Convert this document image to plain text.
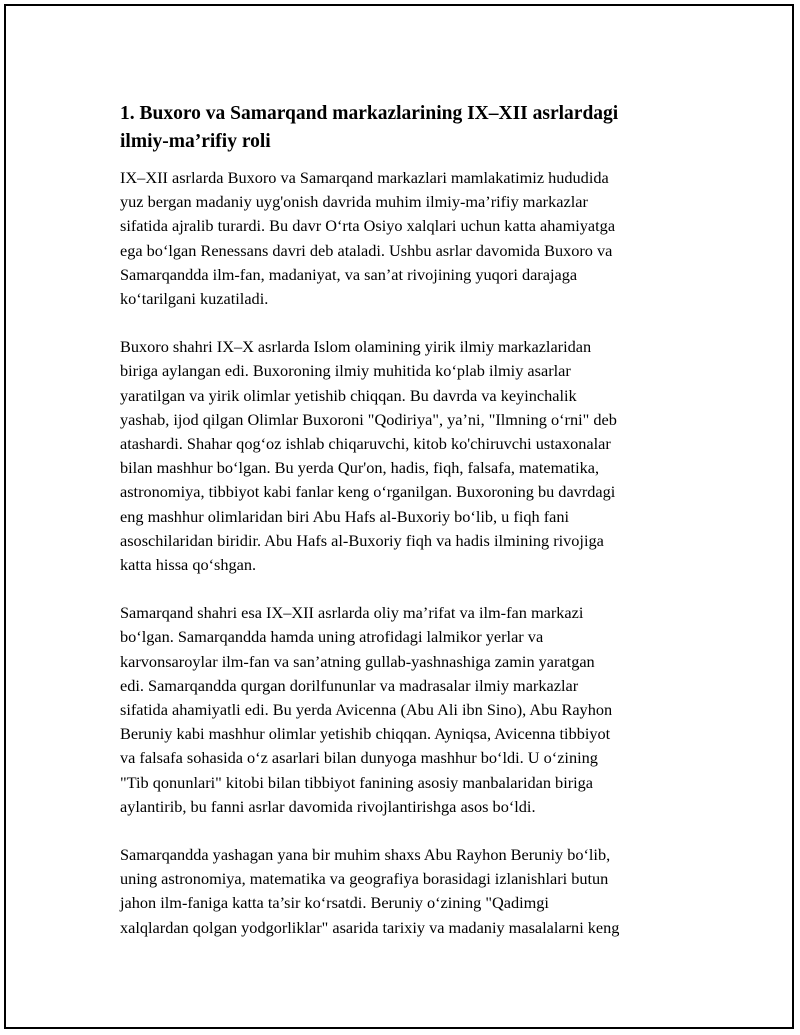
1. Buxoro va Samarqand markazlarining IX–XII asrlardagi
ilmiy-ma’rifiy roli

IX–XII asrlarda Buxoro va Samarqand markazlari mamlakatimiz hududida
yuz bergan madaniy uyg'onish davrida muhim ilmiy-ma’rifiy markazlar
sifatida ajralib turardi. Bu davr O‘rta Osiyo xalqlari uchun katta ahamiyatga
ega bo‘lgan Renessans davri deb ataladi. Ushbu asrlar davomida Buxoro va
Samarqandda ilm-fan, madaniyat, va san’at rivojining yuqori darajaga
ko‘tarilgani kuzatiladi.

Buxoro shahri IX–X asrlarda Islom olamining yirik ilmiy markazlaridan
biriga aylangan edi. Buxoroning ilmiy muhitida ko‘plab ilmiy asarlar
yaratilgan va yirik olimlar yetishib chiqqan. Bu davrda va keyinchalik
yashab, ijod qilgan Olimlar Buxoroni "Qodiriya", ya’ni, "Ilmning o‘rni" deb
atashardi. Shahar qog‘oz ishlab chiqaruvchi, kitob ko'chiruvchi ustaxonalar
bilan mashhur bo‘lgan. Bu yerda Qur'on, hadis, fiqh, falsafa, matematika,
astronomiya, tibbiyot kabi fanlar keng o‘rganilgan. Buxoroning bu davrdagi
eng mashhur olimlaridan biri Abu Hafs al-Buxoriy bo‘lib, u fiqh fani
asoschilaridan biridir. Abu Hafs al-Buxoriy fiqh va hadis ilmining rivojiga
katta hissa qo‘shgan.

Samarqand shahri esa IX–XII asrlarda oliy ma’rifat va ilm-fan markazi
bo‘lgan. Samarqandda hamda uning atrofidagi lalmikor yerlar va
karvonsaroylar ilm-fan va san’atning gullab-yashnashiga zamin yaratgan
edi. Samarqandda qurgan dorilfununlar va madrasalar ilmiy markazlar
sifatida ahamiyatli edi. Bu yerda Avicenna (Abu Ali ibn Sino), Abu Rayhon
Beruniy kabi mashhur olimlar yetishib chiqqan. Ayniqsa, Avicenna tibbiyot
va falsafa sohasida o‘z asarlari bilan dunyoga mashhur bo‘ldi. U o‘zining
"Tib qonunlari" kitobi bilan tibbiyot fanining asosiy manbalaridan biriga
aylantirib, bu fanni asrlar davomida rivojlantirishga asos bo‘ldi.

Samarqandda yashagan yana bir muhim shaxs Abu Rayhon Beruniy bo‘lib,
uning astronomiya, matematika va geografiya borasidagi izlanishlari butun
jahon ilm-faniga katta ta’sir ko‘rsatdi. Beruniy o‘zining "Qadimgi
xalqlardan qolgan yodgorliklar" asarida tarixiy va madaniy masalalarni keng
